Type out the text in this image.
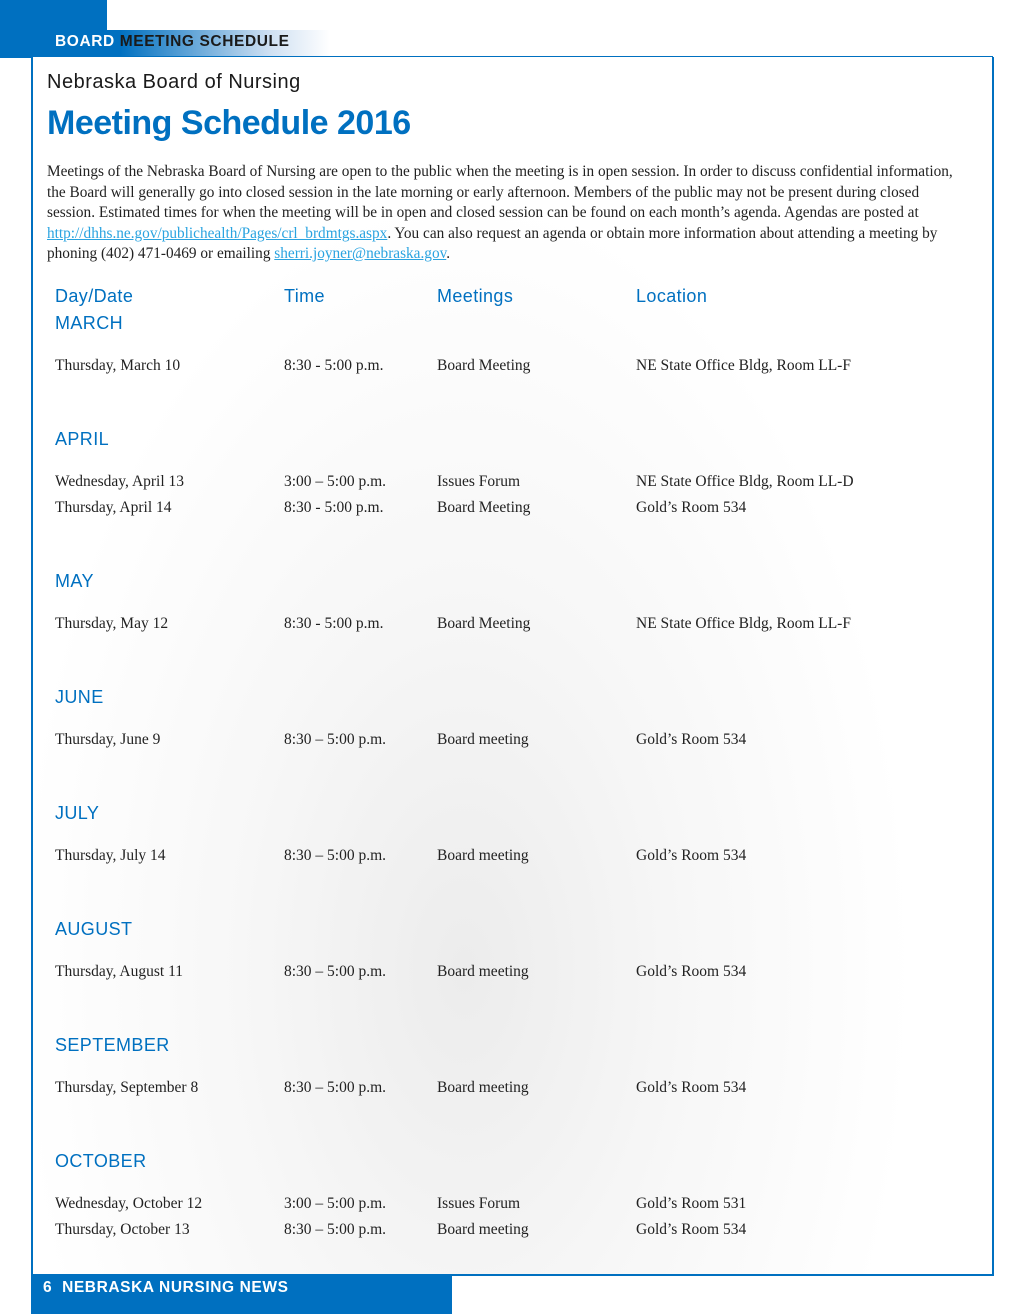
BOARD MEETING SCHEDULE
Nebraska Board of Nursing
Meeting Schedule 2016

Meetings of the Nebraska Board of Nursing are open to the public when the meeting is in open session. In order to discuss confidential information, the Board will generally go into closed session in the late morning or early afternoon. Members of the public may not be present during closed session. Estimated times for when the meeting will be in open and closed session can be found on each month’s agenda. Agendas are posted at http://dhhs.ne.gov/publichealth/Pages/crl_brdmtgs.aspx. You can also request an agenda or obtain more information about attending a meeting by phoning (402) 471-0469 or emailing sherri.joyner@nebraska.gov.

Day/Date	Time	Meetings	Location
MARCH
Thursday, March 10	8:30 - 5:00 p.m.	Board Meeting	NE State Office Bldg, Room LL-F
APRIL
Wednesday, April 13	3:00 – 5:00 p.m.	Issues Forum	NE State Office Bldg, Room LL-D
Thursday, April 14	8:30 - 5:00 p.m.	Board Meeting	Gold’s Room 534
MAY
Thursday, May 12	8:30 - 5:00 p.m.	Board Meeting	NE State Office Bldg, Room LL-F
JUNE
Thursday, June 9	8:30 – 5:00 p.m.	Board meeting	Gold’s Room 534
JULY
Thursday, July 14	8:30 – 5:00 p.m.	Board meeting	Gold’s Room 534
AUGUST
Thursday, August 11	8:30 – 5:00 p.m.	Board meeting	Gold’s Room 534
SEPTEMBER
Thursday, September 8	8:30 – 5:00 p.m.	Board meeting	Gold’s Room 534
OCTOBER
Wednesday, October 12	3:00 – 5:00 p.m.	Issues Forum	Gold’s Room 531
Thursday, October 13	8:30 – 5:00 p.m.	Board meeting	Gold’s Room 534
6 NEBRASKA NURSING NEWS
